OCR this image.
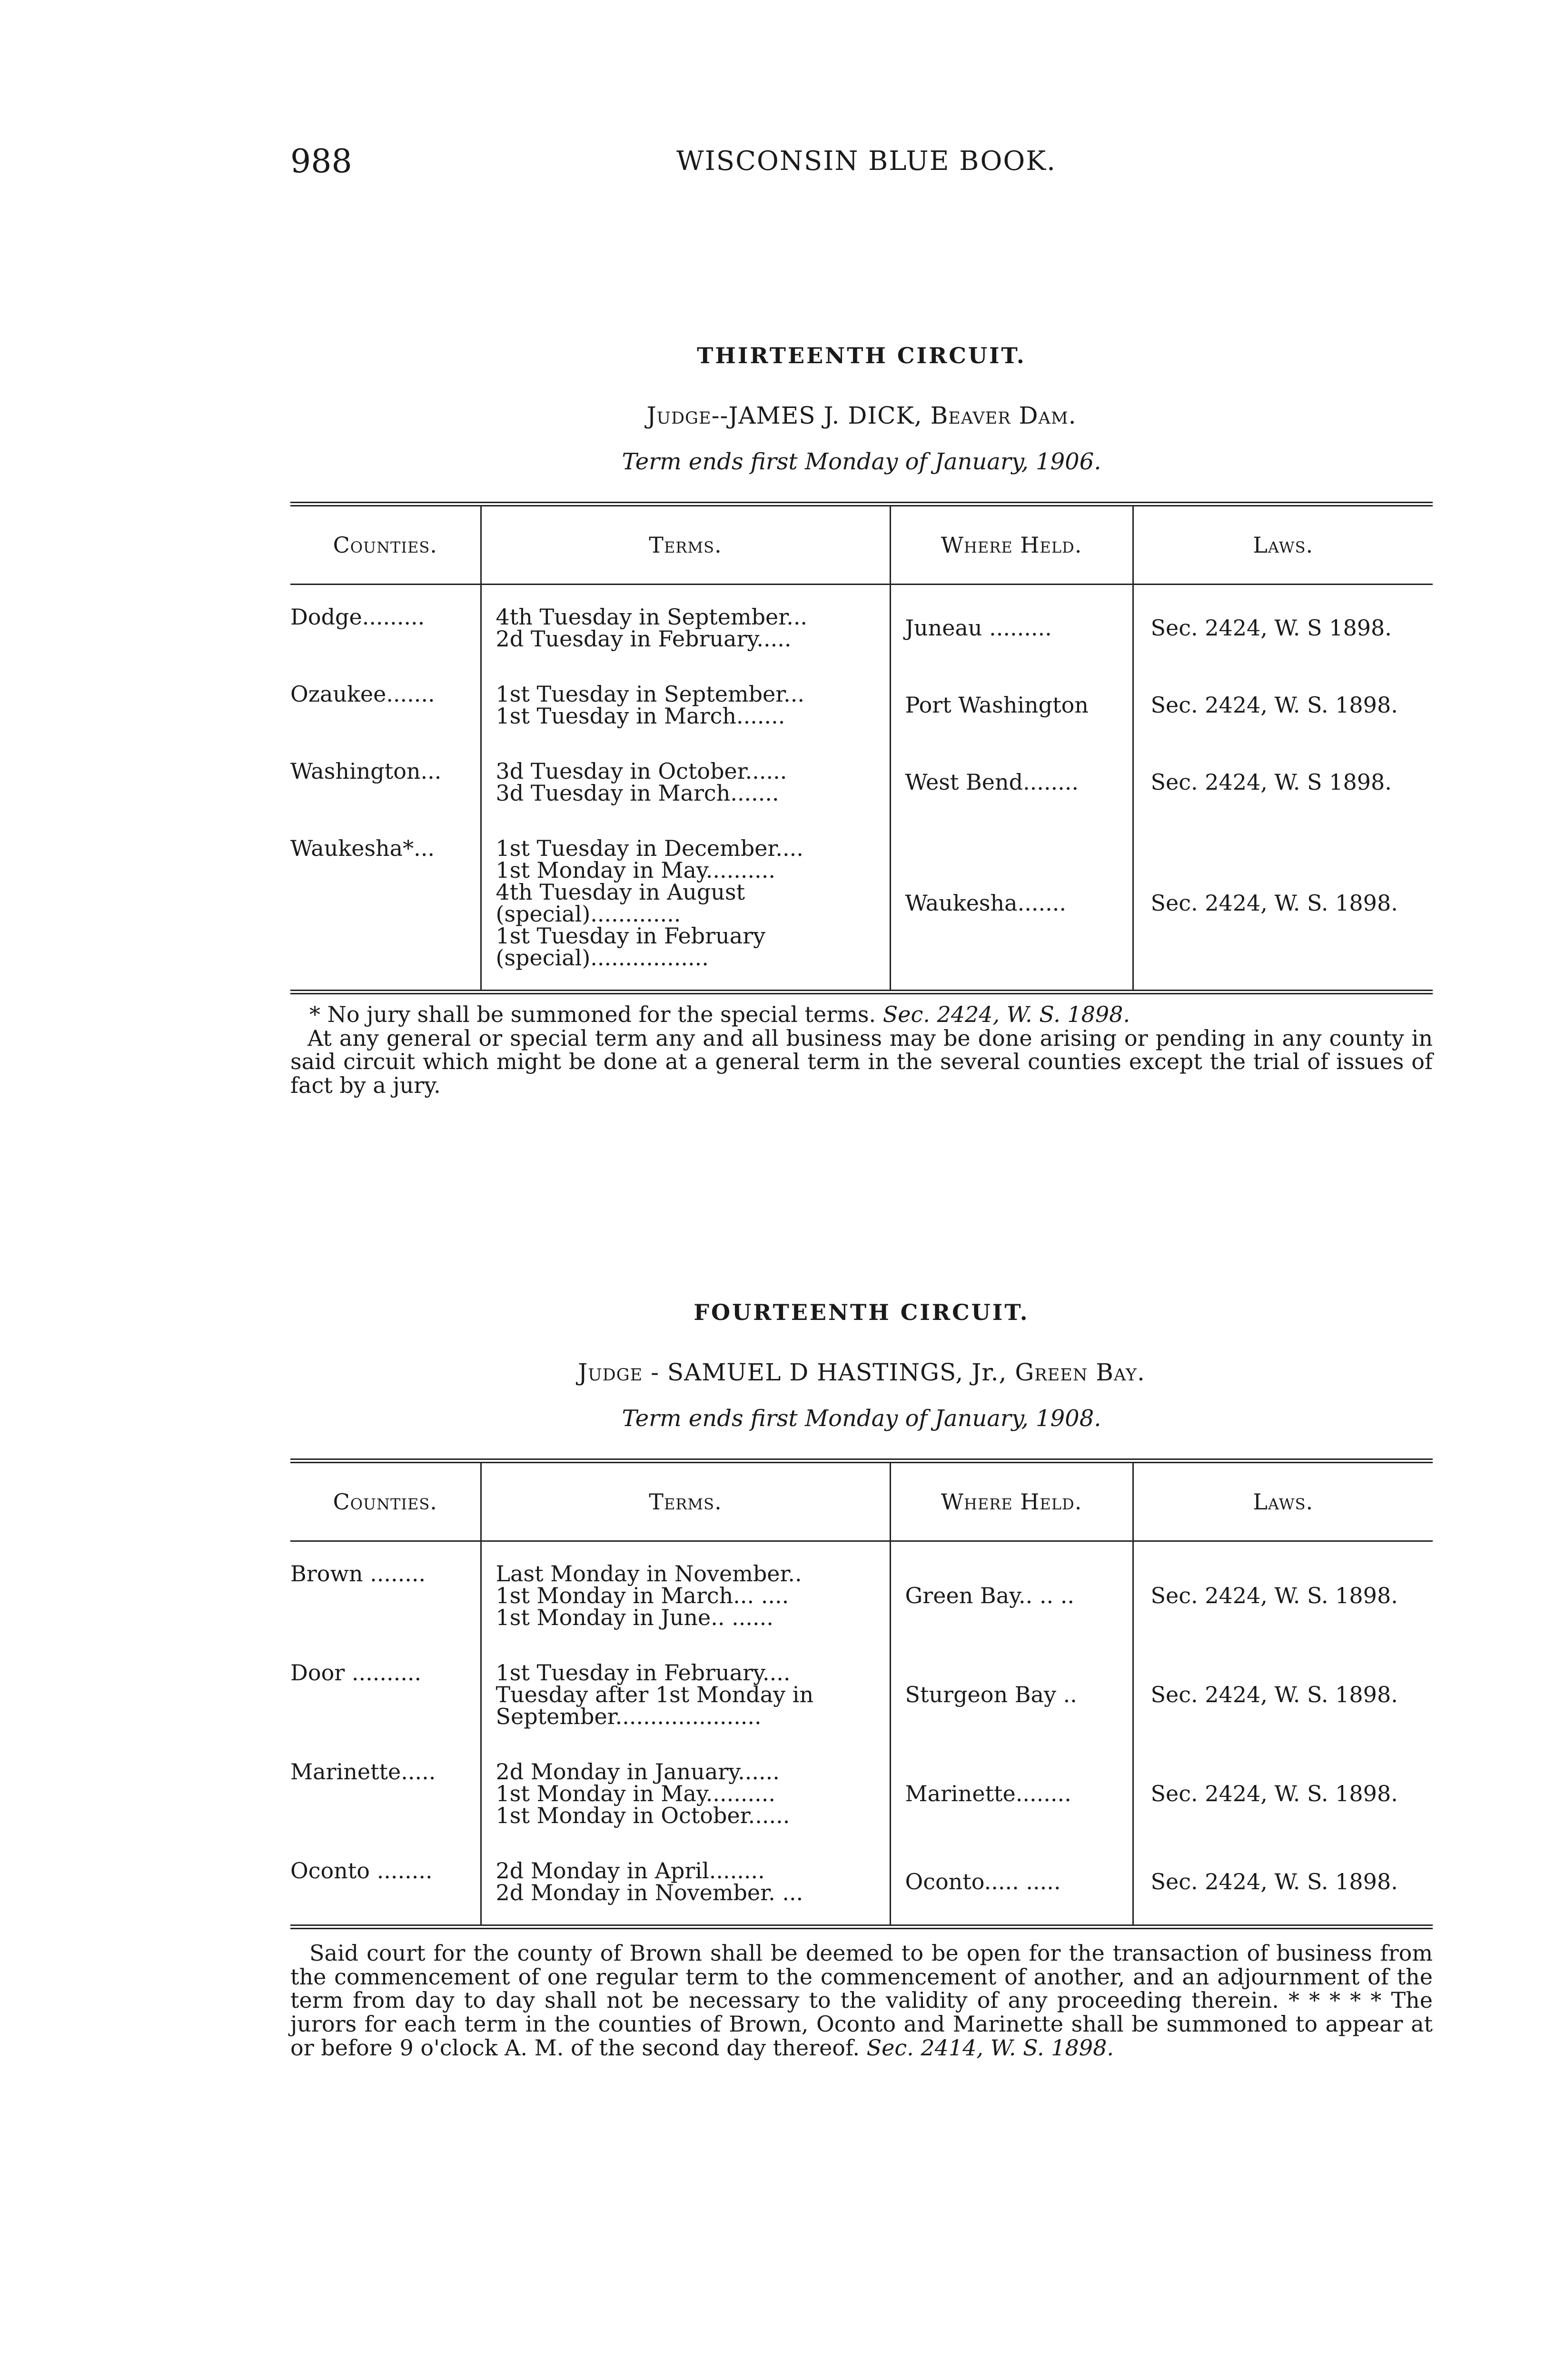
988	WISCONSIN BLUE BOOK.
THIRTEENTH CIRCUIT.
Judge--JAMES J. DICK, Beaver Dam.
Term ends first Monday of January, 1906.
Counties.	Terms.	Where Held.	Laws.

Dodge.........	4th Tuesday in September...
2d Tuesday in February.....	Juneau .........	Sec. 2424, W. S 1898.

Ozaukee.......	1st Tuesday in September...
1st Tuesday in March.......	Port Washington	Sec. 2424, W. S. 1898.

Washington...	3d Tuesday in October......
3d Tuesday in March.......	West Bend........	Sec. 2424, W. S 1898.

Waukesha*...	1st Tuesday in December....
1st Monday in May..........
4th Tuesday in August (special).............
1st Tuesday in February (special).................	Waukesha.......	Sec. 2424, W. S. 1898.

* No jury shall be summoned for the special terms. Sec. 2424, W. S. 1898.

At any general or special term any and all business may be done arising or pending in any county in said circuit which might be done at a general term in the several counties except the trial of issues of fact by a jury.

FOURTEENTH CIRCUIT.
Judge - SAMUEL D HASTINGS, Jr., Green Bay.
Term ends first Monday of January, 1908.
Counties.	Terms.	Where Held.	Laws.

Brown ........	Last Monday in November..
1st Monday in March... ....
1st Monday in June.. ......	Green Bay.. .. ..	Sec. 2424, W. S. 1898.

Door ..........	1st Tuesday in February....
Tuesday after 1st Monday in September.....................	Sturgeon Bay ..	Sec. 2424, W. S. 1898.

Marinette.....	2d Monday in January......
1st Monday in May..........
1st Monday in October......	Marinette........	Sec. 2424, W. S. 1898.

Oconto ........	2d Monday in April........
2d Monday in November. ...	Oconto..... .....	Sec. 2424, W. S. 1898.

Said court for the county of Brown shall be deemed to be open for the transaction of business from the commencement of one regular term to the commencement of another, and an adjournment of the term from day to day shall not be necessary to the validity of any proceeding therein. * * * * * The jurors for each term in the counties of Brown, Oconto and Marinette shall be summoned to appear at or before 9 o'clock A. M. of the second day thereof. Sec. 2414, W. S. 1898.
